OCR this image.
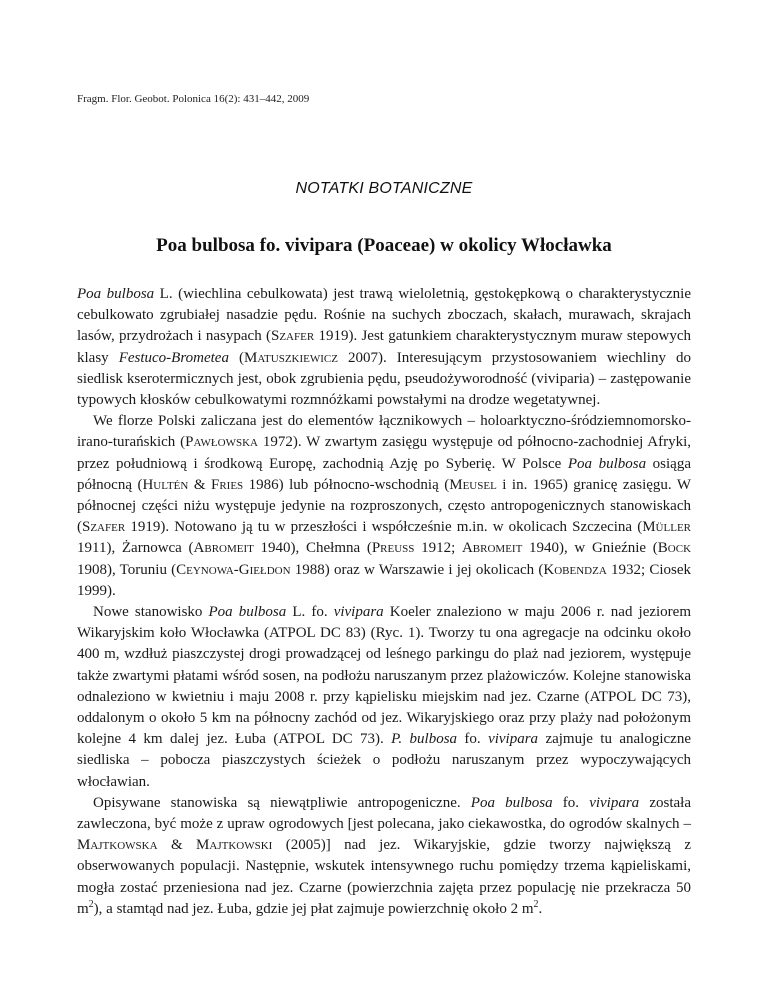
Fragm. Flor. Geobot. Polonica 16(2): 431–442, 2009
NOTATKI BOTANICZNE
Poa bulbosa fo. vivipara (Poaceae) w okolicy Włocławka

Poa bulbosa L. (wiechlina cebulkowata) jest trawą wieloletnią, gęstokępkową o charakterystycznie cebulkowato zgrubiałej nasadzie pędu. Rośnie na suchych zboczach, skałach, murawach, skrajach lasów, przydrożach i nasypach (Szafer 1919). Jest gatunkiem charakterystycznym muraw stepowych klasy Festuco-Brometea (Matuszkiewicz 2007). Interesującym przystosowaniem wiechliny do siedlisk kserotermicznych jest, obok zgrubienia pędu, pseudożyworodność (viviparia) – zastępowanie typowych kłosków cebulkowatymi rozmnóżkami powstałymi na drodze wegetatywnej.

We florze Polski zaliczana jest do elementów łącznikowych – holoarktyczno-śródziemnomorsko-irano-turańskich (Pawłowska 1972). W zwartym zasięgu występuje od północno-zachodniej Afryki, przez południową i środkową Europę, zachodnią Azję po Syberię. W Polsce Poa bulbosa osiąga północną (Hultén & Fries 1986) lub północno-wschodnią (Meusel i in. 1965) granicę zasięgu. W północnej części niżu występuje jedynie na rozproszonych, często antropogenicznych stanowiskach (Szafer 1919). Notowano ją tu w przeszłości i współcześnie m.in. w okolicach Szczecina (Müller 1911), Żarnowca (Abromeit 1940), Chełmna (Preuss 1912; Abromeit 1940), w Gnieźnie (Bock 1908), Toruniu (Ceynowa-Giełdon 1988) oraz w Warszawie i jej okolicach (Kobendza 1932; Ciosek 1999).

Nowe stanowisko Poa bulbosa L. fo. vivipara Koeler znaleziono w maju 2006 r. nad jeziorem Wikaryjskim koło Włocławka (ATPOL DC 83) (Ryc. 1). Tworzy tu ona agregacje na odcinku około 400 m, wzdłuż piaszczystej drogi prowadzącej od leśnego parkingu do plaż nad jeziorem, występuje także zwartymi płatami wśród sosen, na podłożu naruszanym przez plażowiczów. Kolejne stanowiska odnaleziono w kwietniu i maju 2008 r. przy kąpielisku miejskim nad jez. Czarne (ATPOL DC 73), oddalonym o około 5 km na północny zachód od jez. Wikaryjskiego oraz przy plaży nad położonym kolejne 4 km dalej jez. Łuba (ATPOL DC 73). P. bulbosa fo. vivipara zajmuje tu analogiczne siedliska – pobocza piaszczystych ścieżek o podłożu naruszanym przez wypoczywających włocławian.

Opisywane stanowiska są niewątpliwie antropogeniczne. Poa bulbosa fo. vivipara została zawleczona, być może z upraw ogrodowych [jest polecana, jako ciekawostka, do ogrodów skalnych – Majtkowska & Majtkowski (2005)] nad jez. Wikaryjskie, gdzie tworzy największą z obserwowanych populacji. Następnie, wskutek intensywnego ruchu pomiędzy trzema kąpieliskami, mogła zostać przeniesiona nad jez. Czarne (powierzchnia zajęta przez populację nie przekracza 50 $m^2$), a stamtąd nad jez. Łuba, gdzie jej płat zajmuje powierzchnię około 2 $m^2$.
